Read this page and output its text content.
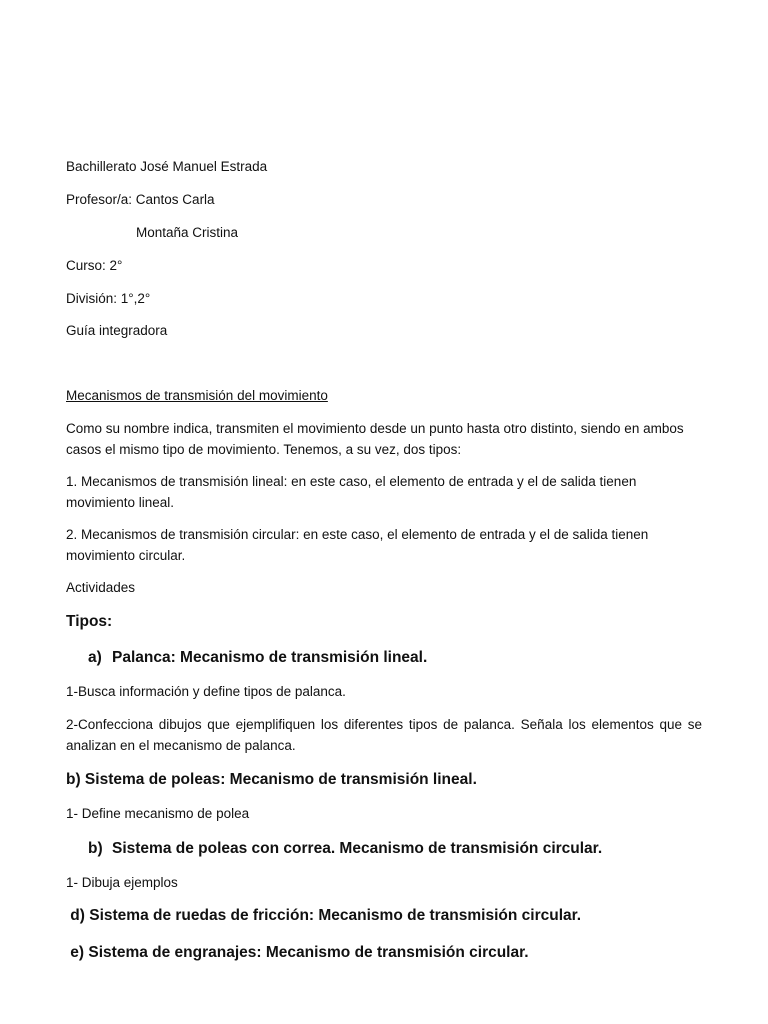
Bachillerato José Manuel Estrada
Profesor/a: Cantos Carla
Montaña Cristina
Curso: 2°
División: 1°,2°
Guía integradora
Mecanismos de transmisión del movimiento
Como su nombre indica, transmiten el movimiento desde un punto hasta otro distinto, siendo en ambos casos el mismo tipo de movimiento. Tenemos, a su vez, dos tipos:
1. Mecanismos de transmisión lineal: en este caso, el elemento de entrada y el de salida tienen movimiento lineal.
2. Mecanismos de transmisión circular: en este caso, el elemento de entrada y el de salida tienen movimiento circular.
Actividades
Tipos:
a) Palanca: Mecanismo de transmisión lineal.
1-Busca información y define tipos de palanca.
2-Confecciona dibujos que ejemplifiquen los diferentes tipos de palanca. Señala los elementos que se analizan en el mecanismo de palanca.
b) Sistema de poleas: Mecanismo de transmisión lineal.
1- Define mecanismo de polea
b) Sistema de poleas con correa. Mecanismo de transmisión circular.
1- Dibuja ejemplos
d) Sistema de ruedas de fricción: Mecanismo de transmisión circular.
e) Sistema de engranajes: Mecanismo de transmisión circular.
